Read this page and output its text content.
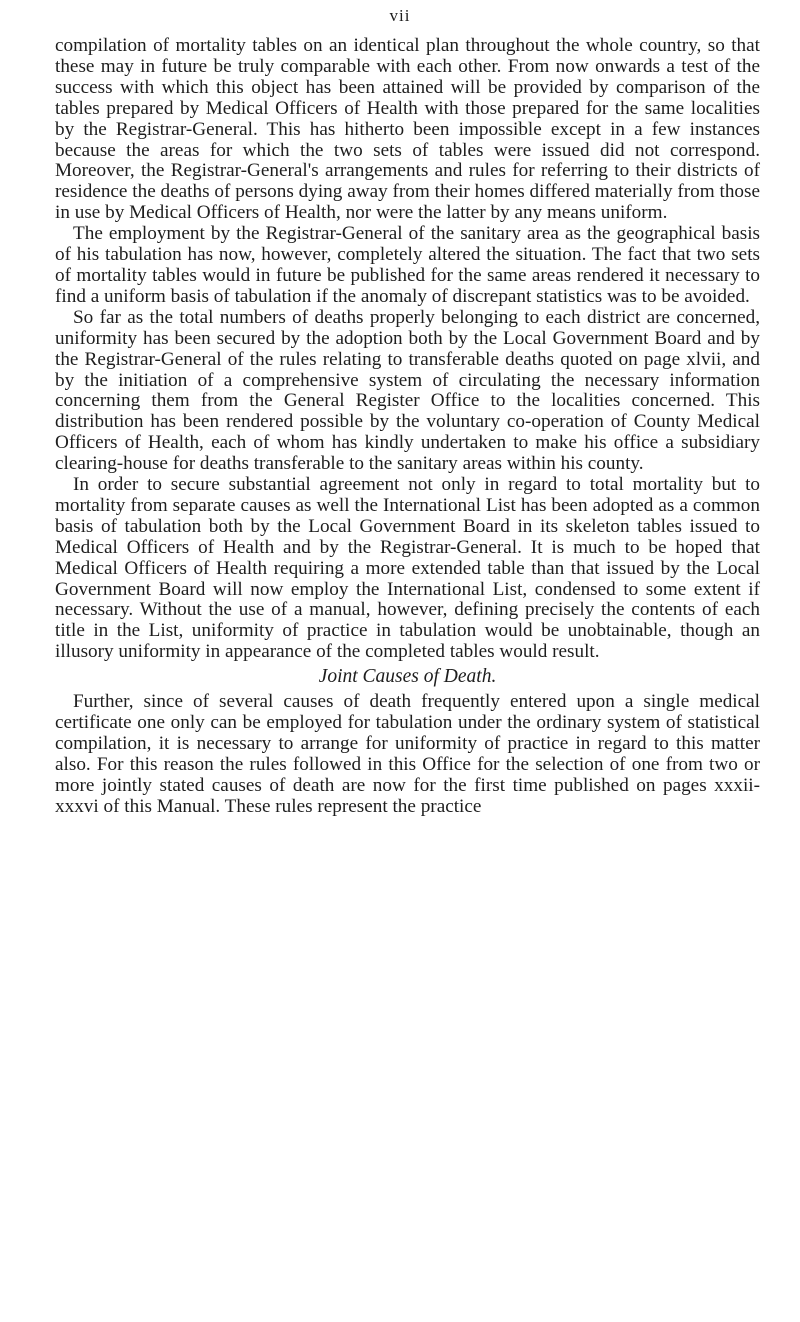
vii

compilation of mortality tables on an identical plan throughout the whole country, so that these may in future be truly comparable with each other. From now onwards a test of the success with which this object has been attained will be provided by comparison of the tables prepared by Medical Officers of Health with those prepared for the same localities by the Registrar-General. This has hitherto been impossible except in a few instances because the areas for which the two sets of tables were issued did not correspond. Moreover, the Registrar-General's arrangements and rules for referring to their districts of residence the deaths of persons dying away from their homes differed materially from those in use by Medical Officers of Health, nor were the latter by any means uniform.

The employment by the Registrar-General of the sanitary area as the geographical basis of his tabulation has now, however, completely altered the situation. The fact that two sets of mortality tables would in future be published for the same areas rendered it necessary to find a uniform basis of tabulation if the anomaly of discrepant statistics was to be avoided.

So far as the total numbers of deaths properly belonging to each district are concerned, uniformity has been secured by the adoption both by the Local Government Board and by the Registrar-General of the rules relating to transferable deaths quoted on page xlvii, and by the initiation of a comprehensive system of circulating the necessary information concerning them from the General Register Office to the localities concerned. This distribution has been rendered possible by the voluntary co-operation of County Medical Officers of Health, each of whom has kindly undertaken to make his office a subsidiary clearing-house for deaths transferable to the sanitary areas within his county.

In order to secure substantial agreement not only in regard to total mortality but to mortality from separate causes as well the International List has been adopted as a common basis of tabulation both by the Local Government Board in its skeleton tables issued to Medical Officers of Health and by the Registrar-General. It is much to be hoped that Medical Officers of Health requiring a more extended table than that issued by the Local Government Board will now employ the International List, condensed to some extent if necessary. Without the use of a manual, however, defining precisely the contents of each title in the List, uniformity of practice in tabulation would be unobtainable, though an illusory uniformity in appearance of the completed tables would result.

Joint Causes of Death.

Further, since of several causes of death frequently entered upon a single medical certificate one only can be employed for tabulation under the ordinary system of statistical compilation, it is necessary to arrange for uniformity of practice in regard to this matter also. For this reason the rules followed in this Office for the selection of one from two or more jointly stated causes of death are now for the first time published on pages xxxii-xxxvi of this Manual. These rules represent the practice
